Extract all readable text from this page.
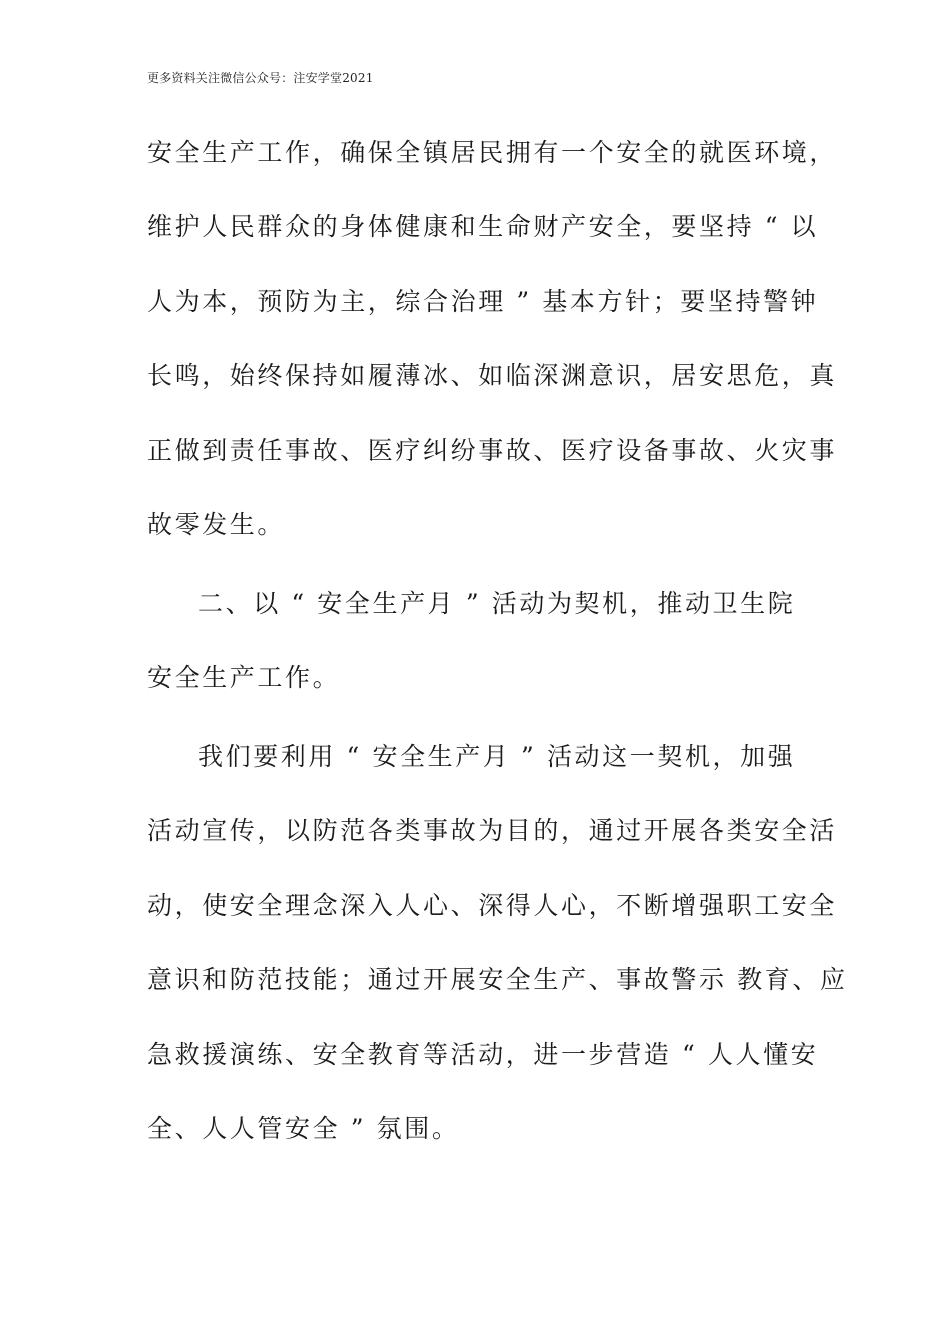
更多资料关注微信公众号：注安学堂2021
安全生产工作，确保全镇居民拥有一个安全的就医环境，
维护人民群众的身体健康和生命财产安全，要坚持 “ 以
人为本，预防为主，综合治理 ” 基本方针；要坚持警钟
长鸣，始终保持如履薄冰、如临深渊意识，居安思危，真
正做到责任事故、医疗纠纷事故、医疗设备事故、火灾事
故零发生。
二、以 “ 安全生产月 ” 活动为契机，推动卫生院
安全生产工作。
我们要利用 “ 安全生产月 ” 活动这一契机，加强
活动宣传，以防范各类事故为目的，通过开展各类安全活
动，使安全理念深入人心、深得人心，不断增强职工安全
意识和防范技能；通过开展安全生产、事故警示 教育、应
急救援演练、安全教育等活动，进一步营造 “ 人人懂安
全、人人管安全 ” 氛围。
